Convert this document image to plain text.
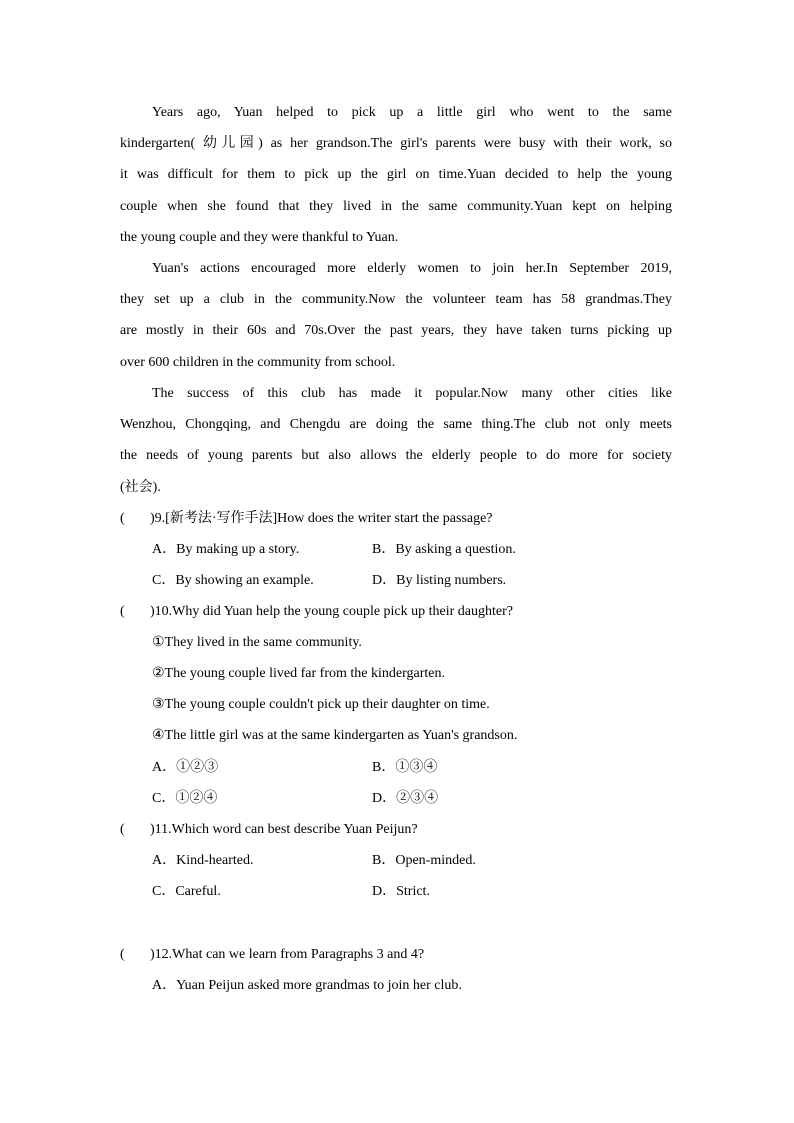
Years ago, Yuan helped to pick up a little girl who went to the same
kindergarten( 幼儿园) as her grandson.The girl's parents were busy with their work, so
it was difficult for them to pick up the girl on time.Yuan decided to help the young
couple when she found that they lived in the same community.Yuan kept on helping
the young couple and they were thankful to Yuan.
Yuan's actions encouraged more elderly women to join her.In September 2019,
they set up a club in the community.Now the volunteer team has 58 grandmas.They
are mostly in their 60s and 70s.Over the past years, they have taken turns picking up
over 600 children in the community from school.
The success of this club has made it popular.Now many other cities like
Wenzhou, Chongqing, and Chengdu are doing the same thing.The club not only meets
the needs of young parents but also allows the elderly people to do more for society
(社会).
( )9.[新考法·写作手法]How does the writer start the passage?
A．By making up a story.	B．By asking a question.
C．By showing an example.	D．By listing numbers.
( )10.Why did Yuan help the young couple pick up their daughter?
①They lived in the same community.
②The young couple lived far from the kindergarten.
③The young couple couldn't pick up their daughter on time.
④The little girl was at the same kindergarten as Yuan's grandson.
A．①②③	B．①③④
C．①②④	D．②③④
( )11.Which word can best describe Yuan Peijun?
A．Kind-hearted.	B．Open-minded.
C．Careful.	D．Strict.
( )12.What can we learn from Paragraphs 3 and 4?
A．Yuan Peijun asked more grandmas to join her club.
